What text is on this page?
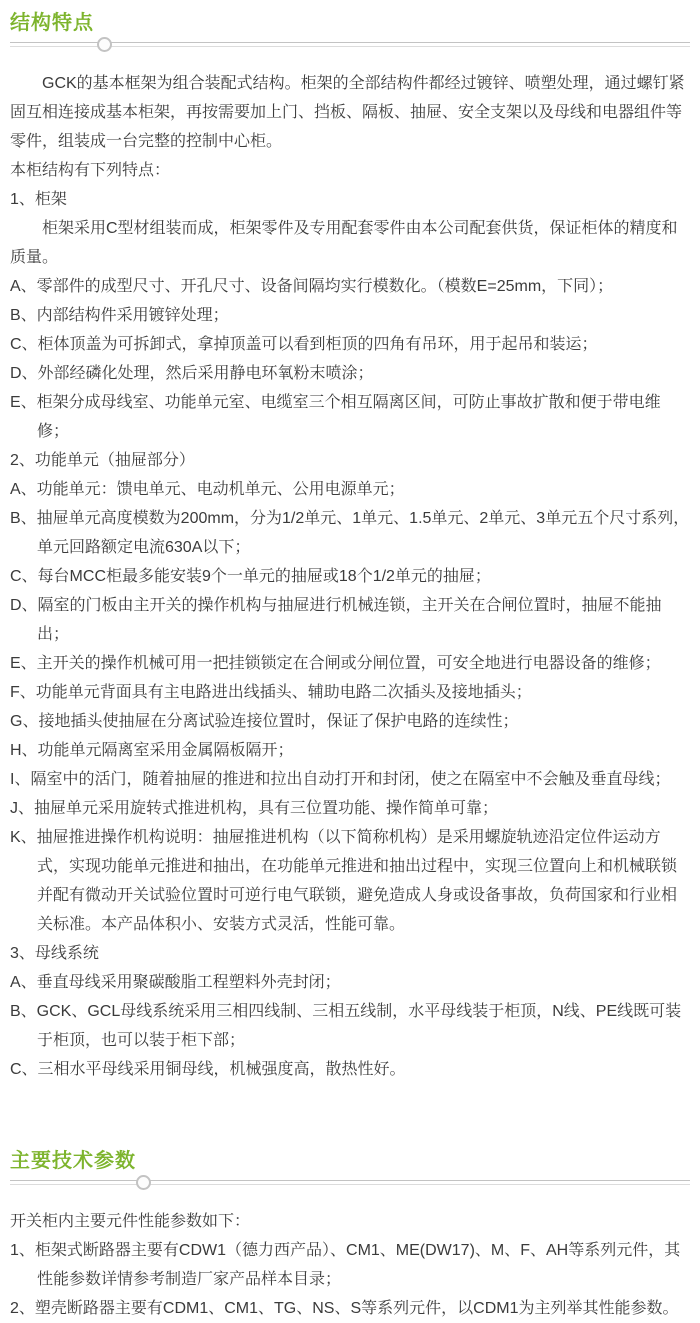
结构特点

GCK的基本框架为组合装配式结构。柜架的全部结构件都经过镀锌、喷塑处理，通过螺钉紧固互相连接成基本柜架，再按需要加上门、挡板、隔板、抽屉、安全支架以及母线和电器组件等零件，组装成一台完整的控制中心柜。

本柜结构有下列特点：

1、柜架

柜架采用C型材组装而成，柜架零件及专用配套零件由本公司配套供货，保证柜体的精度和质量。

A、零部件的成型尺寸、开孔尺寸、设备间隔均实行模数化。（模数E=25mm，下同）；

B、内部结构件采用镀锌处理；

C、柜体顶盖为可拆卸式，拿掉顶盖可以看到柜顶的四角有吊环，用于起吊和装运；

D、外部经磷化处理，然后采用静电环氧粉末喷涂；

E、柜架分成母线室、功能单元室、电缆室三个相互隔离区间，可防止事故扩散和便于带电维修；

2、功能单元（抽屉部分）

A、功能单元：馈电单元、电动机单元、公用电源单元；

B、抽屉单元高度模数为200mm，分为1/2单元、1单元、1.5单元、2单元、3单元五个尺寸系列，单元回路额定电流630A以下；

C、每台MCC柜最多能安装9个一单元的抽屉或18个1/2单元的抽屉；

D、隔室的门板由主开关的操作机构与抽屉进行机械连锁，主开关在合闸位置时，抽屉不能抽出；

E、主开关的操作机械可用一把挂锁锁定在合闸或分闸位置，可安全地进行电器设备的维修；

F、功能单元背面具有主电路进出线插头、辅助电路二次插头及接地插头；

G、接地插头使抽屉在分离试验连接位置时，保证了保护电路的连续性；

H、功能单元隔离室采用金属隔板隔开；

I、隔室中的活门，随着抽屉的推进和拉出自动打开和封闭，使之在隔室中不会触及垂直母线；

J、抽屉单元采用旋转式推进机构，具有三位置功能、操作简单可靠；

K、抽屉推进操作机构说明：抽屉推进机构（以下简称机构）是采用螺旋轨迹沿定位件运动方式，实现功能单元推进和抽出，在功能单元推进和抽出过程中，实现三位置向上和机械联锁并配有微动开关试验位置时可逆行电气联锁，避免造成人身或设备事故，负荷国家和行业相关标准。本产品体积小、安装方式灵活，性能可靠。

3、母线系统

A、垂直母线采用聚碳酸脂工程塑料外壳封闭；

B、GCK、GCL母线系统采用三相四线制、三相五线制，水平母线装于柜顶，N线、PE线既可装于柜顶，也可以装于柜下部；

C、三相水平母线采用铜母线，机械强度高，散热性好。

主要技术参数

开关柜内主要元件性能参数如下：

1、柜架式断路器主要有CDW1（德力西产品）、CM1、ME(DW17)、M、F、AH等系列元件，其性能参数详情参考制造厂家产品样本目录；

2、塑壳断路器主要有CDM1、CM1、TG、NS、S等系列元件，以CDM1为主列举其性能参数。
